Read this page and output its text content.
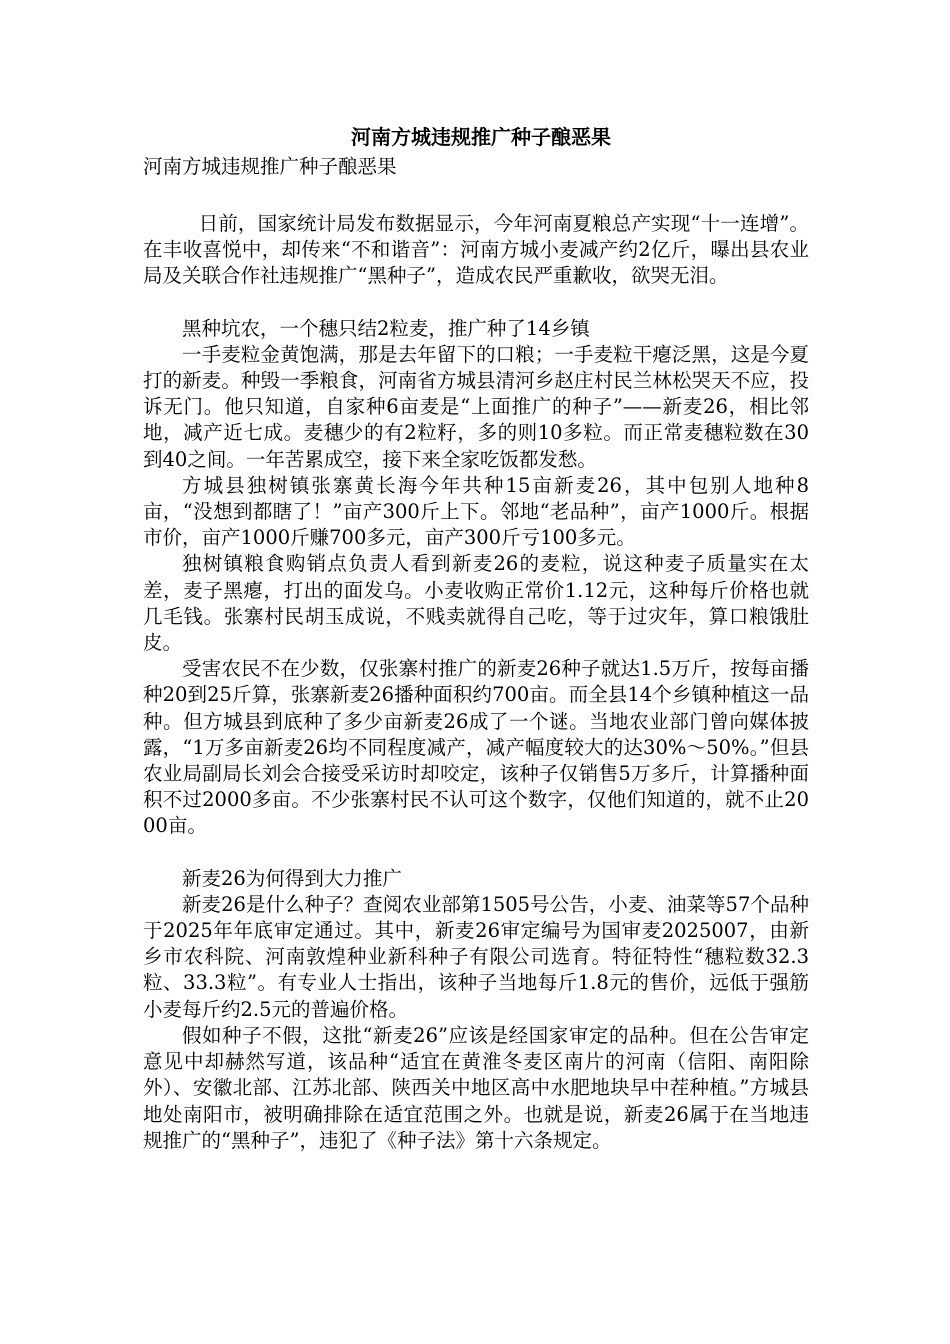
河南方城违规推广种子酿恶果

河南方城违规推广种子酿恶果

日前，国家统计局发布数据显示，今年河南夏粮总产实现“十一连增”。在丰收喜悦中，却传来“不和谐音”：河南方城小麦减产约2亿斤，曝出县农业局及关联合作社违规推广“黑种子”，造成农民严重歉收，欲哭无泪。

黑种坑农，一个穗只结2粒麦，推广种了14乡镇

一手麦粒金黄饱满，那是去年留下的口粮；一手麦粒干瘪泛黑，这是今夏打的新麦。种毁一季粮食，河南省方城县清河乡赵庄村民兰林松哭天不应，投诉无门。他只知道，自家种6亩麦是“上面推广的种子”——新麦26，相比邻地，减产近七成。麦穗少的有2粒籽，多的则10多粒。而正常麦穗粒数在30到40之间。一年苦累成空，接下来全家吃饭都发愁。

方城县独树镇张寨黄长海今年共种15亩新麦26，其中包别人地种8亩，“没想到都瞎了！”亩产300斤上下。邻地“老品种”，亩产1000斤。根据市价，亩产1000斤赚700多元，亩产300斤亏100多元。

独树镇粮食购销点负责人看到新麦26的麦粒，说这种麦子质量实在太差，麦子黑瘪，打出的面发乌。小麦收购正常价1.12元，这种每斤价格也就几毛钱。张寨村民胡玉成说，不贱卖就得自己吃，等于过灾年，算口粮饿肚皮。

受害农民不在少数，仅张寨村推广的新麦26种子就达1.5万斤，按每亩播种20到25斤算，张寨新麦26播种面积约700亩。而全县14个乡镇种植这一品种。但方城县到底种了多少亩新麦26成了一个谜。当地农业部门曾向媒体披露，“1万多亩新麦26均不同程度减产，减产幅度较大的达30%～50%。”但县农业局副局长刘会合接受采访时却咬定，该种子仅销售5万多斤，计算播种面积不过2000多亩。不少张寨村民不认可这个数字，仅他们知道的，就不止2000亩。

新麦26为何得到大力推广

新麦26是什么种子？查阅农业部第1505号公告，小麦、油菜等57个品种于2025年年底审定通过。其中，新麦26审定编号为国审麦2025007，由新乡市农科院、河南敦煌种业新科种子有限公司选育。特征特性“穗粒数32.3粒、33.3粒”。有专业人士指出，该种子当地每斤1.8元的售价，远低于强筋小麦每斤约2.5元的普遍价格。

假如种子不假，这批“新麦26”应该是经国家审定的品种。但在公告审定意见中却赫然写道，该品种“适宜在黄淮冬麦区南片的河南（信阳、南阳除外）、安徽北部、江苏北部、陕西关中地区高中水肥地块早中茬种植。”方城县地处南阳市，被明确排除在适宜范围之外。也就是说，新麦26属于在当地违规推广的“黑种子”，违犯了《种子法》第十六条规定。
